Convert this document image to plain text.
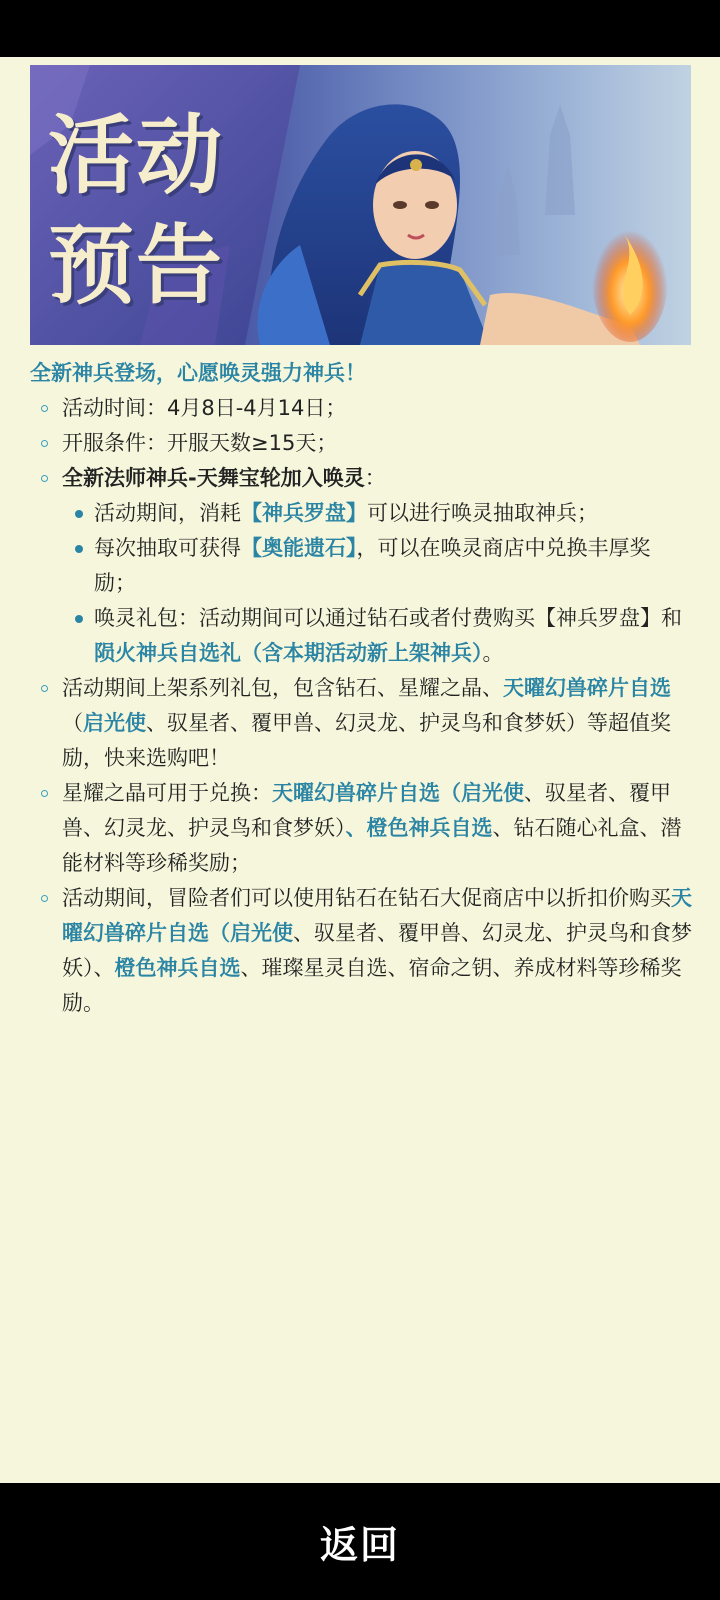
活动
预告
全新神兵登场，心愿唤灵强力神兵！
活动时间：4月8日-4月14日；
开服条件：开服天数≥15天；
全新法师神兵-天舞宝轮加入唤灵：
活动期间，消耗【神兵罗盘】可以进行唤灵抽取神兵；
每次抽取可获得【奥能遗石】，可以在唤灵商店中兑换丰厚奖励；
唤灵礼包：活动期间可以通过钻石或者付费购买【神兵罗盘】和陨火神兵自选礼（含本期活动新上架神兵）。
活动期间上架系列礼包，包含钻石、星耀之晶、天曜幻兽碎片自选（启光使、驭星者、覆甲兽、幻灵龙、护灵鸟和食梦妖）等超值奖励，快来选购吧！
星耀之晶可用于兑换：天曜幻兽碎片自选（启光使、驭星者、覆甲兽、幻灵龙、护灵鸟和食梦妖）、橙色神兵自选、钻石随心礼盒、潜能材料等珍稀奖励；
活动期间，冒险者们可以使用钻石在钻石大促商店中以折扣价购买天曜幻兽碎片自选（启光使、驭星者、覆甲兽、幻灵龙、护灵鸟和食梦妖）、橙色神兵自选、璀璨星灵自选、宿命之钥、养成材料等珍稀奖励。
返回
